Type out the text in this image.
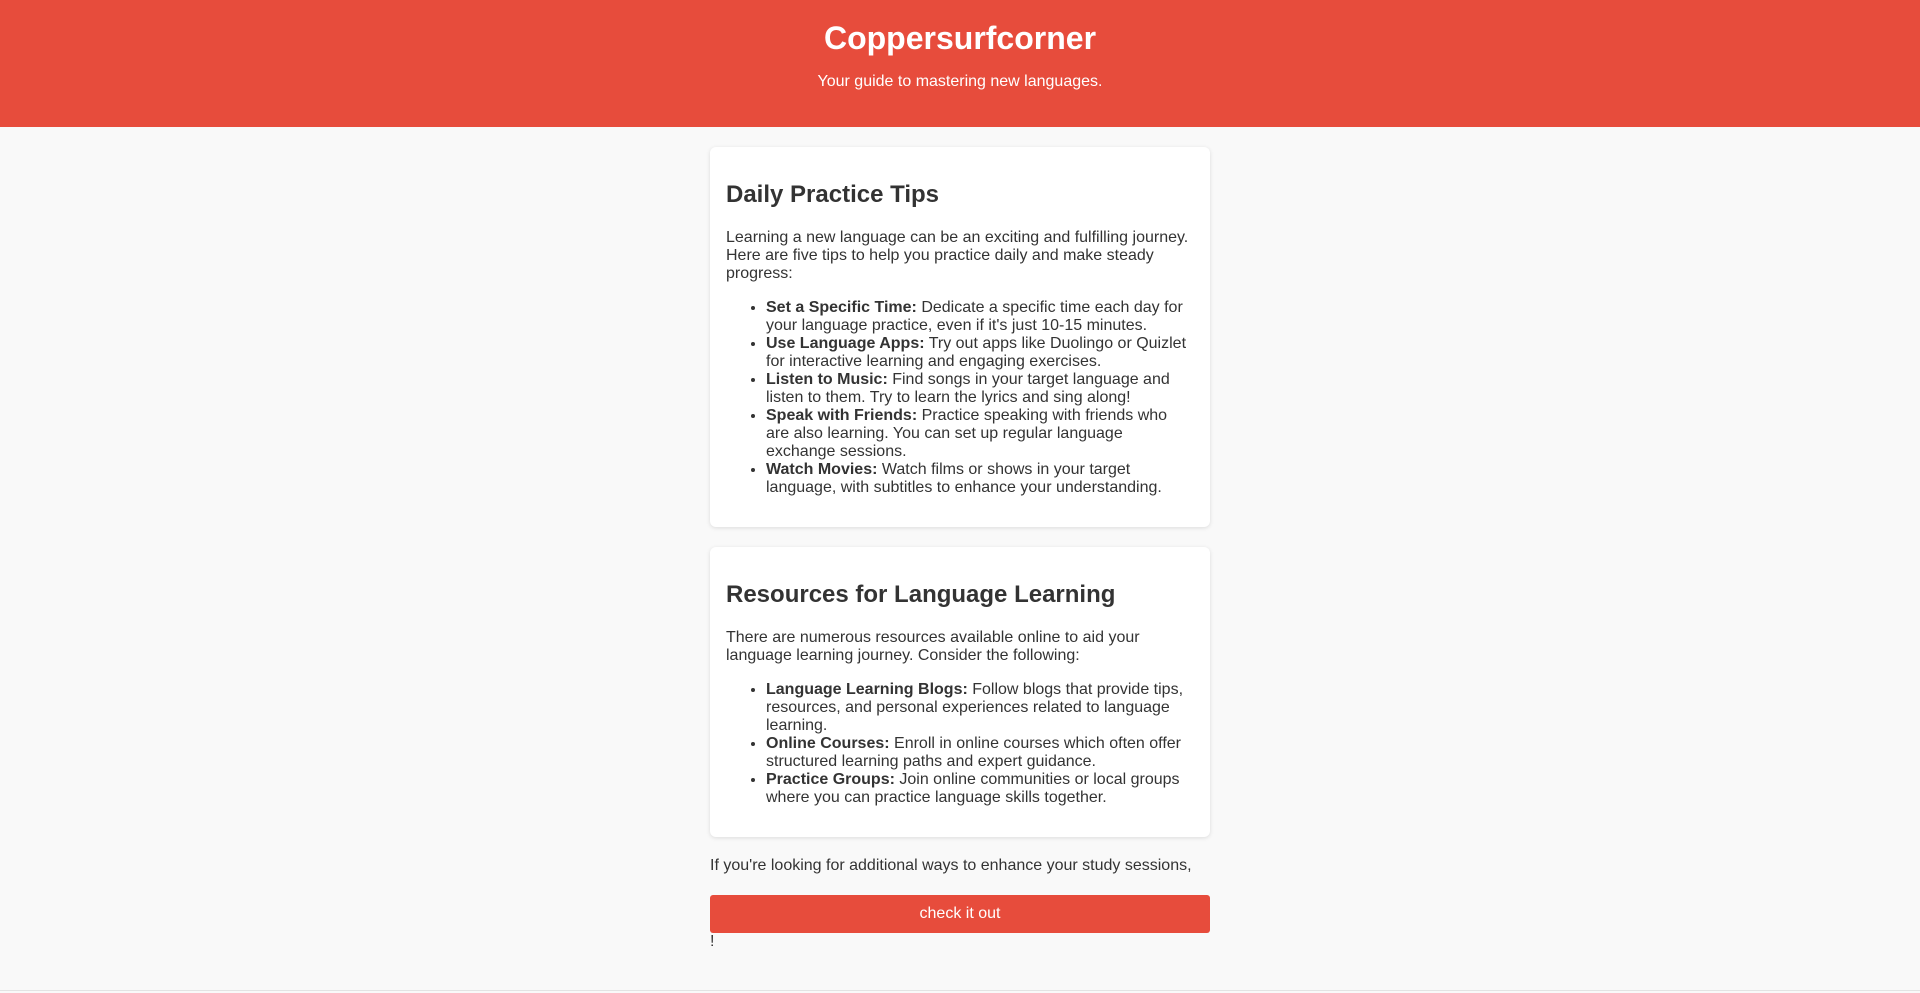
Coppersurfcorner

Your guide to mastering new languages.

Daily Practice Tips

Learning a new language can be an exciting and fulfilling journey. Here are five tips to help you practice daily and make steady progress:

• Set a Specific Time: Dedicate a specific time each day for your language practice, even if it's just 10-15 minutes.
• Use Language Apps: Try out apps like Duolingo or Quizlet for interactive learning and engaging exercises.
• Listen to Music: Find songs in your target language and listen to them. Try to learn the lyrics and sing along!
• Speak with Friends: Practice speaking with friends who are also learning. You can set up regular language exchange sessions.
• Watch Movies: Watch films or shows in your target language, with subtitles to enhance your understanding.
Resources for Language Learning

There are numerous resources available online to aid your language learning journey. Consider the following:

• Language Learning Blogs: Follow blogs that provide tips, resources, and personal experiences related to language learning.
• Online Courses: Enroll in online courses which often offer structured learning paths and expert guidance.
• Practice Groups: Join online communities or local groups where you can practice language skills together.

If you're looking for additional ways to enhance your study sessions,

check it out

!
